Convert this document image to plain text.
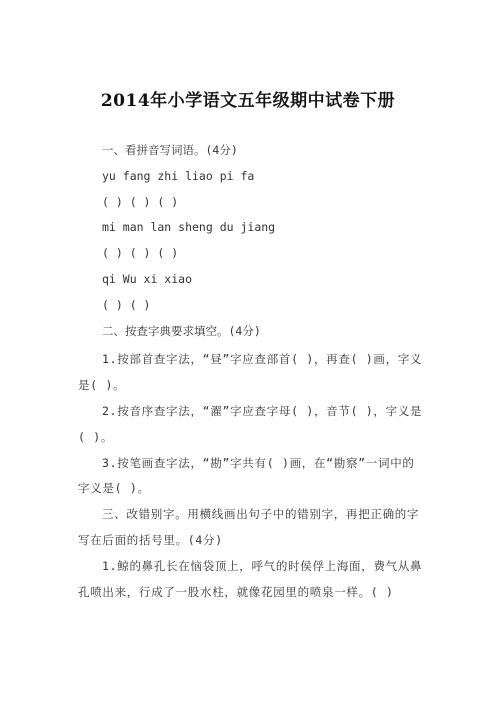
2014年小学语文五年级期中试卷下册
一、看拼音写词语。(4分)
yu fang zhi liao pi fa
( ) ( ) ( )
mi man lan sheng du jiang
( ) ( ) ( )
qi Wu xi xiao
( ) ( )
二、按查字典要求填空。(4分)
1.按部首查字法，“昼”字应查部首( )，再查( )画，字义是( )。
2.按音序查字法，“濯”字应查字母( )，音节( )，字义是( )。
3.按笔画查字法，“勘”字共有( )画，在“勘察”一词中的字义是( )。
三、改错别字。用横线画出句子中的错别字，再把正确的字写在后面的括号里。(4分)
1.鲸的鼻孔长在恼袋顶上，呼气的时侯俘上海面，费气从鼻孔喷出来，行成了一股水柱，就像花园里的喷泉一样。( )
